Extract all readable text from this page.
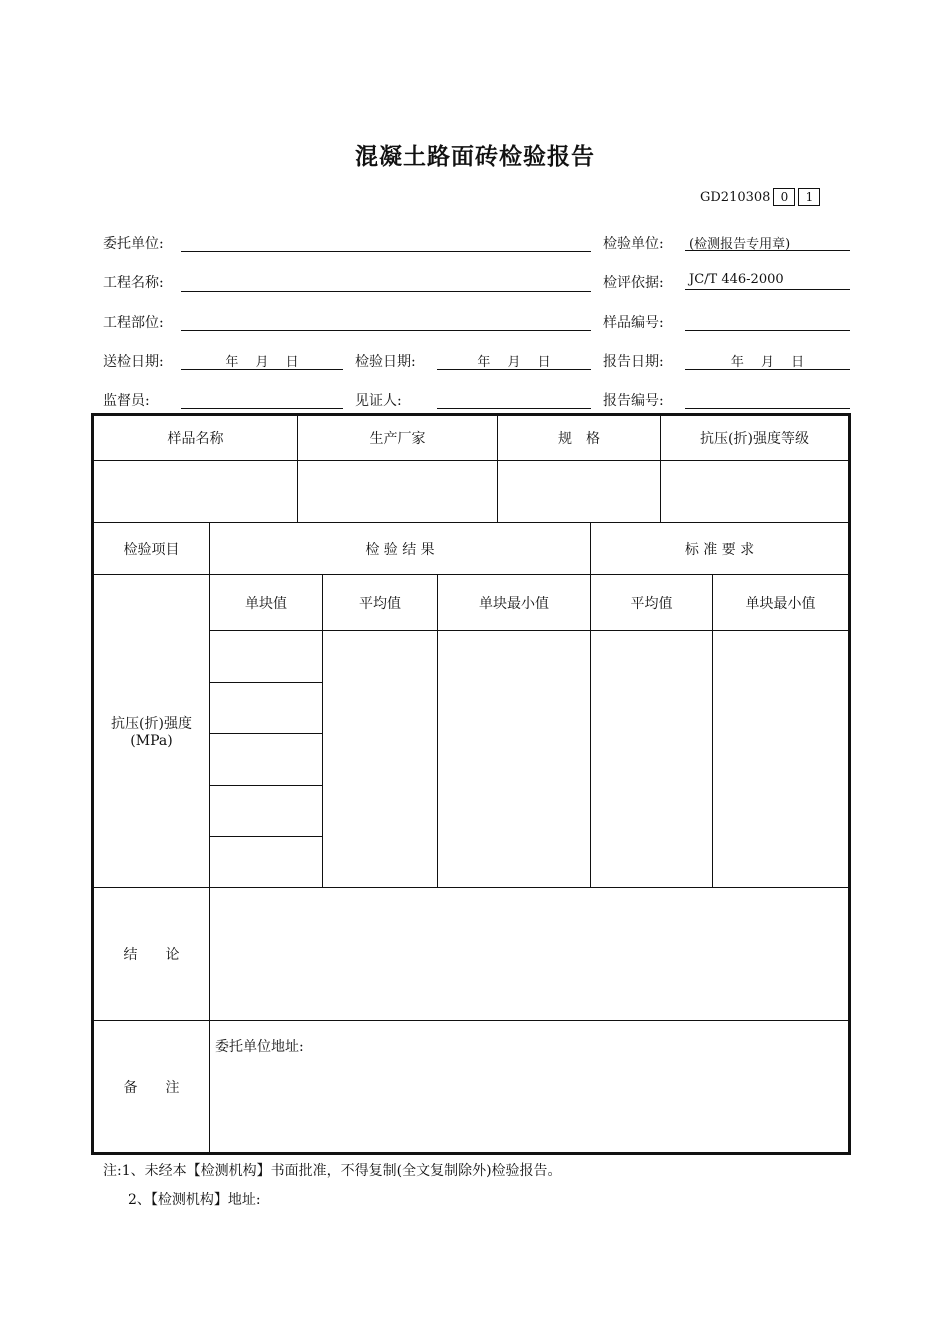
混凝土路面砖检验报告
GD210308 0	1
委托单位:	检验单位:	(检测报告专用章)
工程名称:	检评依据:	JC/T 446-2000
工程部位:	样品编号:
送检日期:	年　 月　 日	检验日期:	年　 月　 日	报告日期:	年　 月　 日
监督员:	见证人:	报告编号:
样品名称	生产厂家	规　格	抗压(折)强度等级
检验项目	检 验 结 果	标 准 要 求
单块值	平均值	单块最小值	平均值	单块最小值
抗压(折)强度
(MPa)
结　　论
备　　注
委托单位地址:
注:1、未经本【检测机构】书面批准，不得复制(全文复制除外)检验报告。
2、【检测机构】地址:
